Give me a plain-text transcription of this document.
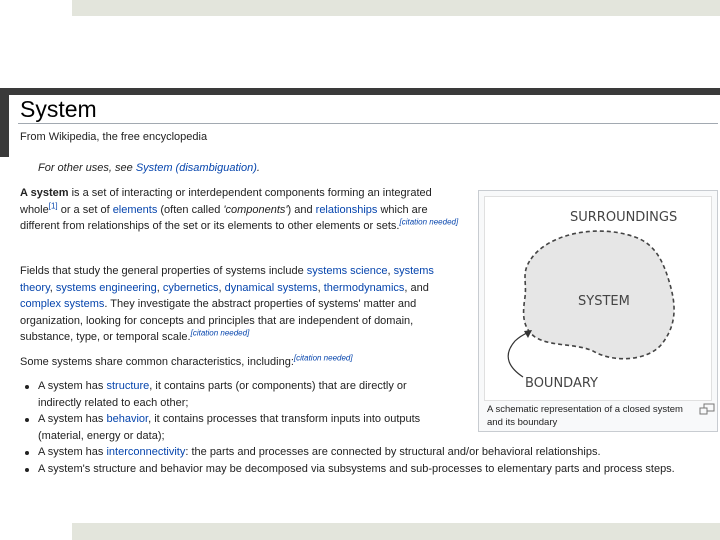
System
From Wikipedia, the free encyclopedia
For other uses, see System (disambiguation).

A system is a set of interacting or interdependent components forming an integrated whole[1] or a set of elements (often called 'components') and relationships which are different from relationships of the set or its elements to other elements or sets.[citation needed]

Fields that study the general properties of systems include systems science, systems theory, systems engineering, cybernetics, dynamical systems, thermodynamics, and complex systems. They investigate the abstract properties of systems' matter and organization, looking for concepts and principles that are independent of domain, substance, type, or temporal scale.[citation needed]

Some systems share common characteristics, including:[citation needed]

A system has structure, it contains parts (or components) that are directly or indirectly related to each other;
A system has behavior, it contains processes that transform inputs into outputs (material, energy or data);
A system has interconnectivity: the parts and processes are connected by structural and/or behavioral relationships.
A system's structure and behavior may be decomposed via subsystems and sub-processes to elementary parts and process steps.
SURROUNDINGS
SYSTEM
BOUNDARY
A schematic representation of a closed system and its boundary
